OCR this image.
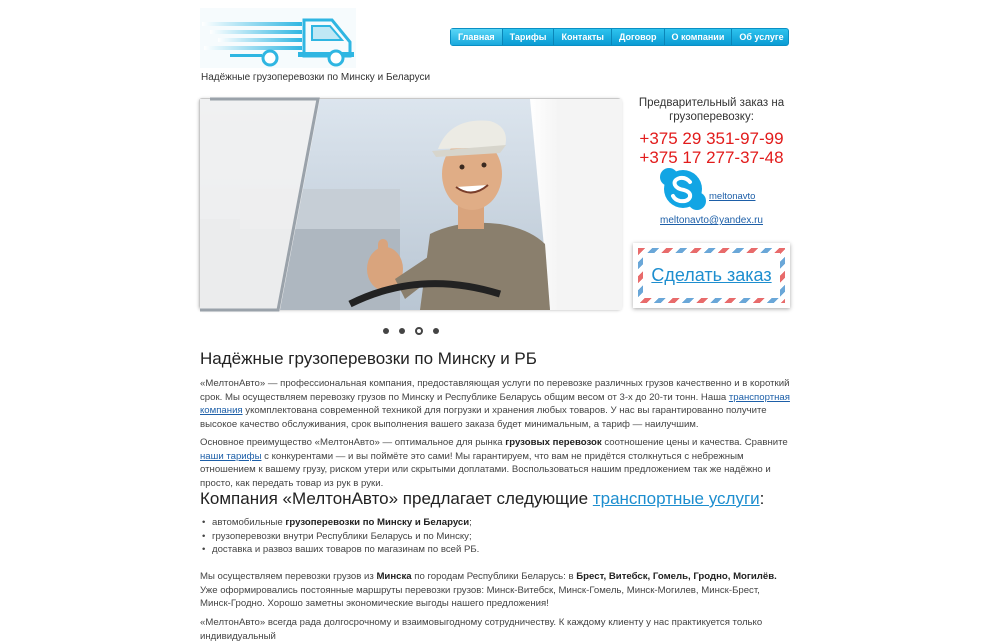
Надёжные грузоперевозки по Минску и Беларуси
Главная	Тарифы	Контакты	Договор	О компании	Об услуге
Предварительный заказ на грузоперевозку:
+375 29 351-97-99
+375 17 277-37-48
meltonavto
meltonavto@yandex.ru
Сделать заказ
Надёжные грузоперевозки по Минску и РБ

«МелтонАвто» — профессиональная компания, предоставляющая услуги по перевозке различных грузов качественно и в короткий срок. Мы осуществляем перевозку грузов по Минску и Республике Беларусь общим весом от 3-х до 20-ти тонн. Наша транспортная компания укомплектована современной техникой для погрузки и хранения любых товаров. У нас вы гарантированно получите высокое качество обслуживания, срок выполнения вашего заказа будет минимальным, а тариф — наилучшим.

Основное преимущество «МелтонАвто» — оптимальное для рынка грузовых перевозок соотношение цены и качества. Сравните наши тарифы с конкурентами — и вы поймёте это сами! Мы гарантируем, что вам не придётся столкнуться с небрежным отношением к вашему грузу, риском утери или скрытыми доплатами. Воспользоваться нашим предложением так же надёжно и просто, как передать товар из рук в руки.

Компания «МелтонАвто» предлагает следующие транспортные услуги:
• автомобильные грузоперевозки по Минску и Беларуси;
• грузоперевозки внутри Республики Беларусь и по Минску;
• доставка и развоз ваших товаров по магазинам по всей РБ.

Мы осуществляем перевозки грузов из Минска по городам Республики Беларусь: в Брест, Витебск, Гомель, Гродно, Могилёв.
Уже оформировались постоянные маршруты перевозки грузов: Минск-Витебск, Минск-Гомель, Минск-Могилев, Минск-Брест, Минск-Гродно. Хорошо заметны экономические выгоды нашего предложения!

«МелтонАвто» всегда рада долгосрочному и взаимовыгодному сотрудничеству. К каждому клиенту у нас практикуется только индивидуальный
